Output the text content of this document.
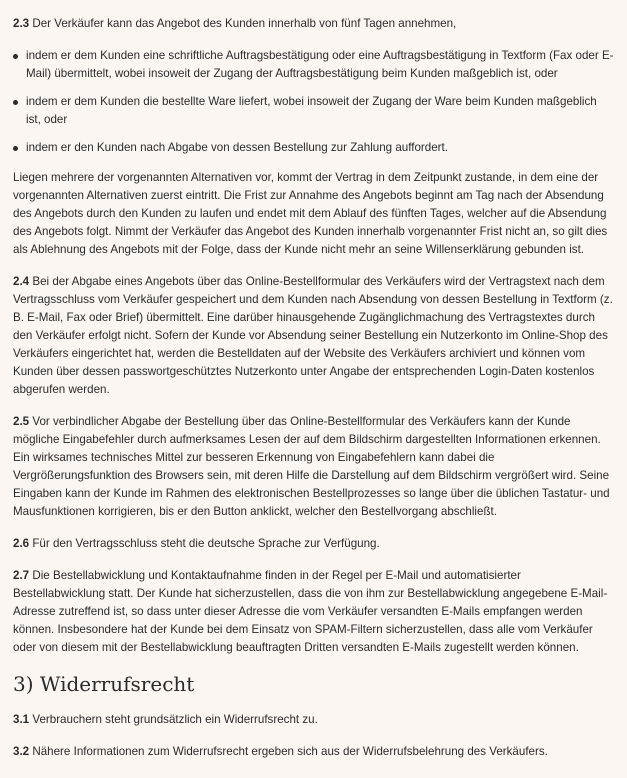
2.3 Der Verkäufer kann das Angebot des Kunden innerhalb von fünf Tagen annehmen,

indem er dem Kunden eine schriftliche Auftragsbestätigung oder eine Auftragsbestätigung in Textform (Fax oder E-Mail) übermittelt, wobei insoweit der Zugang der Auftragsbestätigung beim Kunden maßgeblich ist, oder
indem er dem Kunden die bestellte Ware liefert, wobei insoweit der Zugang der Ware beim Kunden maßgeblich ist, oder
indem er den Kunden nach Abgabe von dessen Bestellung zur Zahlung auffordert.

Liegen mehrere der vorgenannten Alternativen vor, kommt der Vertrag in dem Zeitpunkt zustande, in dem eine der vorgenannten Alternativen zuerst eintritt. Die Frist zur Annahme des Angebots beginnt am Tag nach der Absendung des Angebots durch den Kunden zu laufen und endet mit dem Ablauf des fünften Tages, welcher auf die Absendung des Angebots folgt. Nimmt der Verkäufer das Angebot des Kunden innerhalb vorgenannter Frist nicht an, so gilt dies als Ablehnung des Angebots mit der Folge, dass der Kunde nicht mehr an seine Willenserklärung gebunden ist.

2.4 Bei der Abgabe eines Angebots über das Online-Bestellformular des Verkäufers wird der Vertragstext nach dem Vertragsschluss vom Verkäufer gespeichert und dem Kunden nach Absendung von dessen Bestellung in Textform (z. B. E-Mail, Fax oder Brief) übermittelt. Eine darüber hinausgehende Zugänglichmachung des Vertragstextes durch den Verkäufer erfolgt nicht. Sofern der Kunde vor Absendung seiner Bestellung ein Nutzerkonto im Online-Shop des Verkäufers eingerichtet hat, werden die Bestelldaten auf der Website des Verkäufers archiviert und können vom Kunden über dessen passwortgeschütztes Nutzerkonto unter Angabe der entsprechenden Login-Daten kostenlos abgerufen werden.

2.5 Vor verbindlicher Abgabe der Bestellung über das Online-Bestellformular des Verkäufers kann der Kunde mögliche Eingabefehler durch aufmerksames Lesen der auf dem Bildschirm dargestellten Informationen erkennen. Ein wirksames technisches Mittel zur besseren Erkennung von Eingabefehlern kann dabei die Vergrößerungsfunktion des Browsers sein, mit deren Hilfe die Darstellung auf dem Bildschirm vergrößert wird. Seine Eingaben kann der Kunde im Rahmen des elektronischen Bestellprozesses so lange über die üblichen Tastatur- und Mausfunktionen korrigieren, bis er den Button anklickt, welcher den Bestellvorgang abschließt.

2.6 Für den Vertragsschluss steht die deutsche Sprache zur Verfügung.

2.7 Die Bestellabwicklung und Kontaktaufnahme finden in der Regel per E-Mail und automatisierter Bestellabwicklung statt. Der Kunde hat sicherzustellen, dass die von ihm zur Bestellabwicklung angegebene E-Mail-Adresse zutreffend ist, so dass unter dieser Adresse die vom Verkäufer versandten E-Mails empfangen werden können. Insbesondere hat der Kunde bei dem Einsatz von SPAM-Filtern sicherzustellen, dass alle vom Verkäufer oder von diesem mit der Bestellabwicklung beauftragten Dritten versandten E-Mails zugestellt werden können.

3) Widerrufsrecht

3.1 Verbrauchern steht grundsätzlich ein Widerrufsrecht zu.

3.2 Nähere Informationen zum Widerrufsrecht ergeben sich aus der Widerrufsbelehrung des Verkäufers.
